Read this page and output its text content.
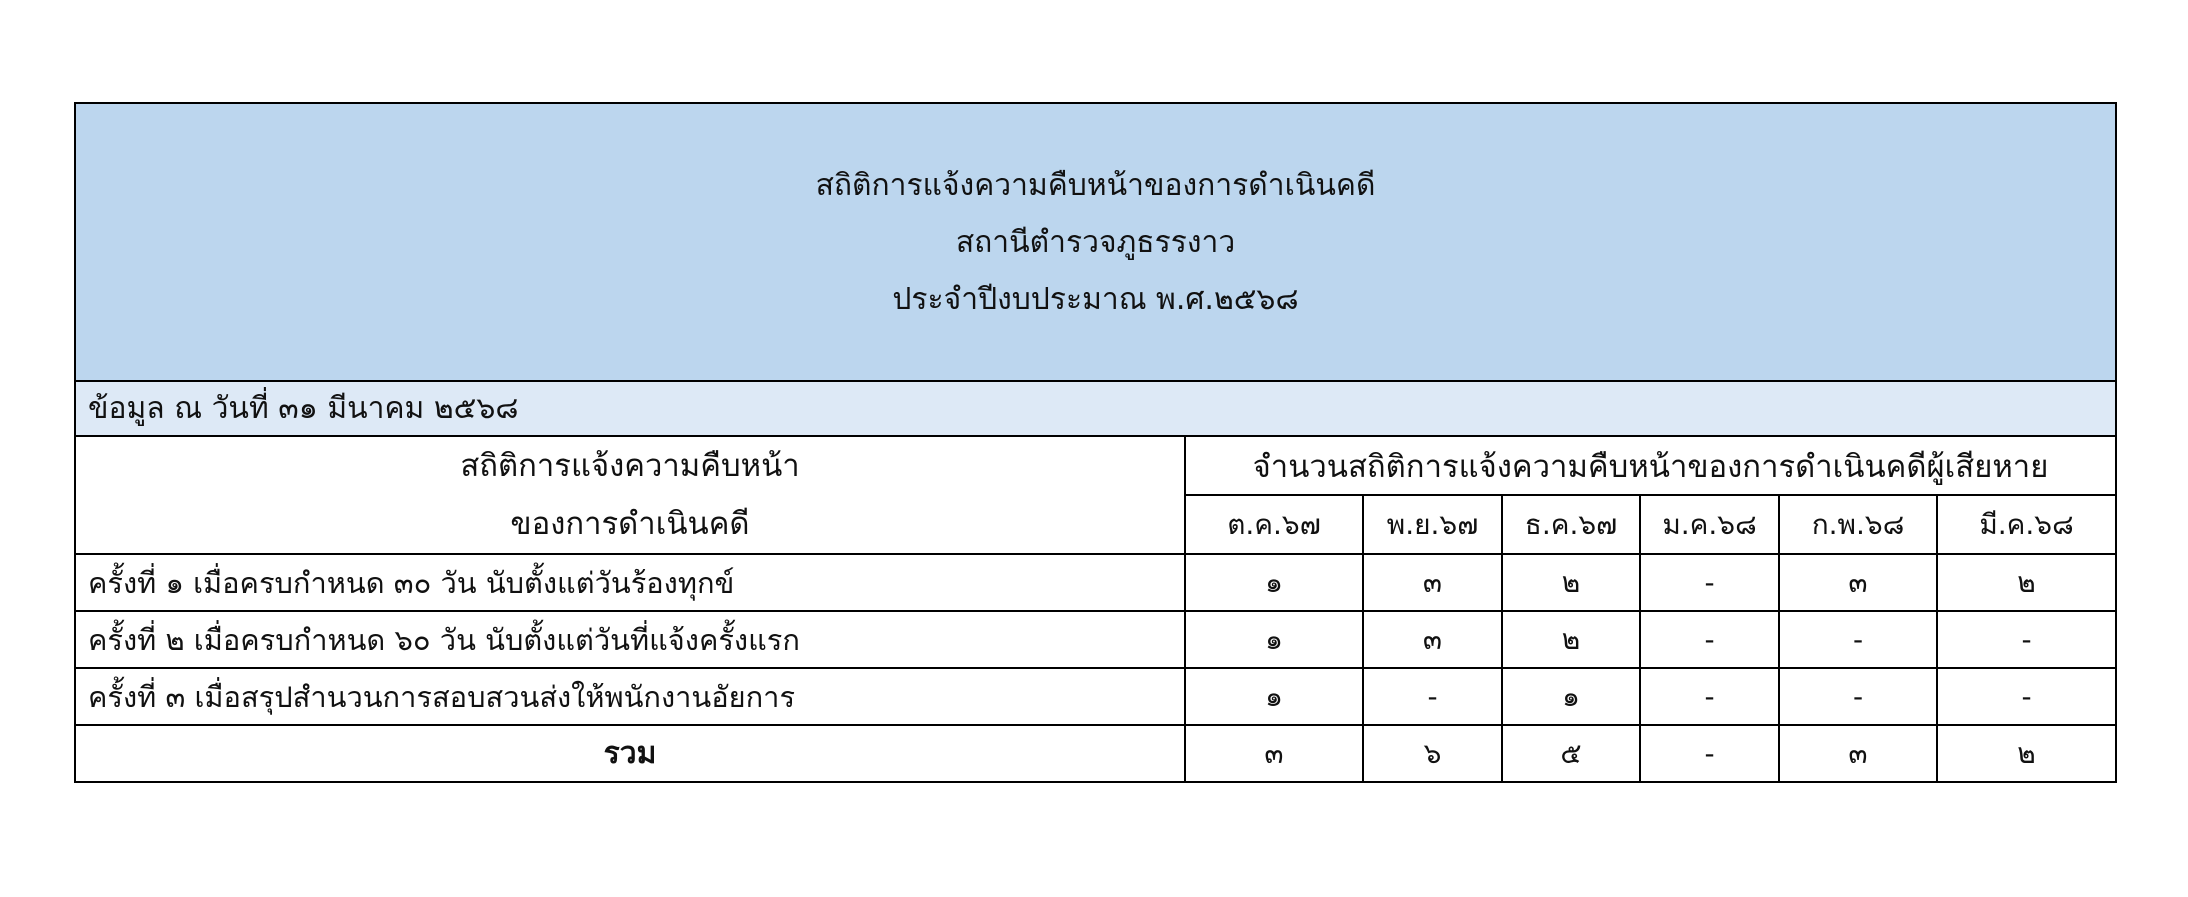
สถิติการแจ้งความคืบหน้าของการดำเนินคดี
สถานีตำรวจภูธรรงาว
ประจำปีงบประมาณ พ.ศ.๒๕๖๘						

ข้อมูล ณ วันที่ ๓๑ มีนาคม ๒๕๖๘						

สถิติการแจ้งความคืบหน้า
ของการดำเนินคดี	จำนวนสถิติการแจ้งความคืบหน้าของการดำเนินคดีผู้เสียหาย					
	ต.ค.๖๗	พ.ย.๖๗	ธ.ค.๖๗	ม.ค.๖๘	ก.พ.๖๘	มี.ค.๖๘
ครั้งที่ ๑ เมื่อครบกำหนด ๓๐ วัน นับตั้งแต่วันร้องทุกข์	๑	๓	๒	-	๓	๒
ครั้งที่ ๒ เมื่อครบกำหนด ๖๐ วัน นับตั้งแต่วันที่แจ้งครั้งแรก	๑	๓	๒	-	-	-
ครั้งที่ ๓ เมื่อสรุปสำนวนการสอบสวนส่งให้พนักงานอัยการ	๑	-	๑	-	-	-
รวม	๓	๖	๕	-	๓	๒
